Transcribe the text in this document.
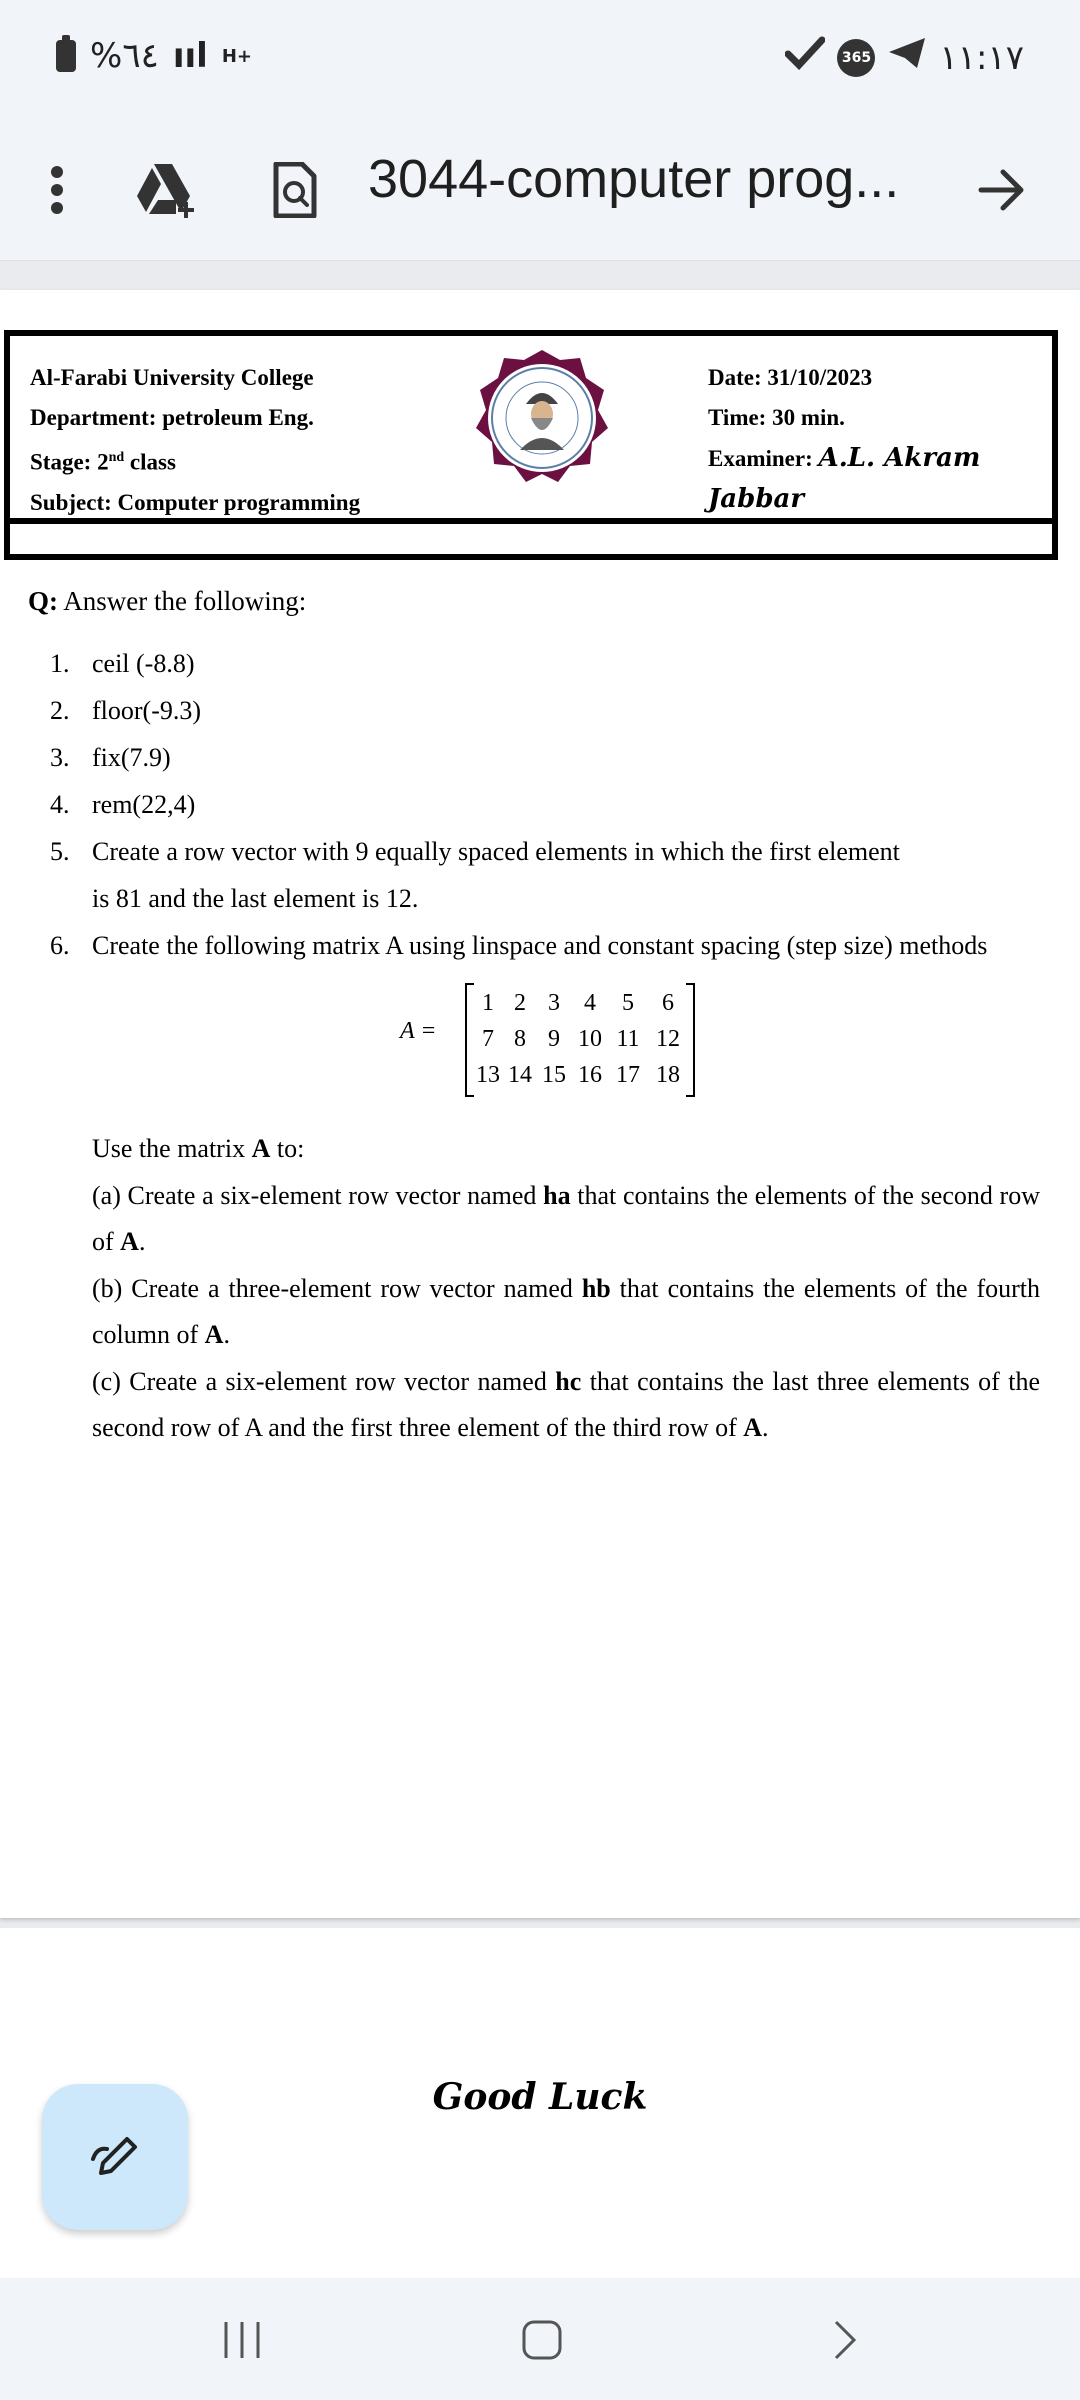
%٦٤ ııl H+	365 ١١:١٧
3044-computer prog...
Al-Farabi University College
Department: petroleum Eng.
Stage: 2nd class
Subject: Computer programming
Date: 31/10/2023
Time: 30 min.
Examiner: A.L. Akram Jabbar
Q: Answer the following:
1. ceil (-8.8)
2. floor(-9.3)
3. fix(7.9)
4. rem(22,4)
5. Create a row vector with 9 equally spaced elements in which the first element
is 81 and the last element is 12.
6. Create the following matrix A using linspace and constant spacing (step size) methods
A =
1 2 3 4 5 6
7 8 9 10 11 12
13 14 15 16 17 18
Use the matrix A to:
(a) Create a six-element row vector named ha that contains the elements of the second row of A.
(b) Create a three-element row vector named hb that contains the elements of the fourth column of A.
(c) Create a six-element row vector named hc that contains the last three elements of the second row of A and the first three element of the third row of A.
Good Luck
